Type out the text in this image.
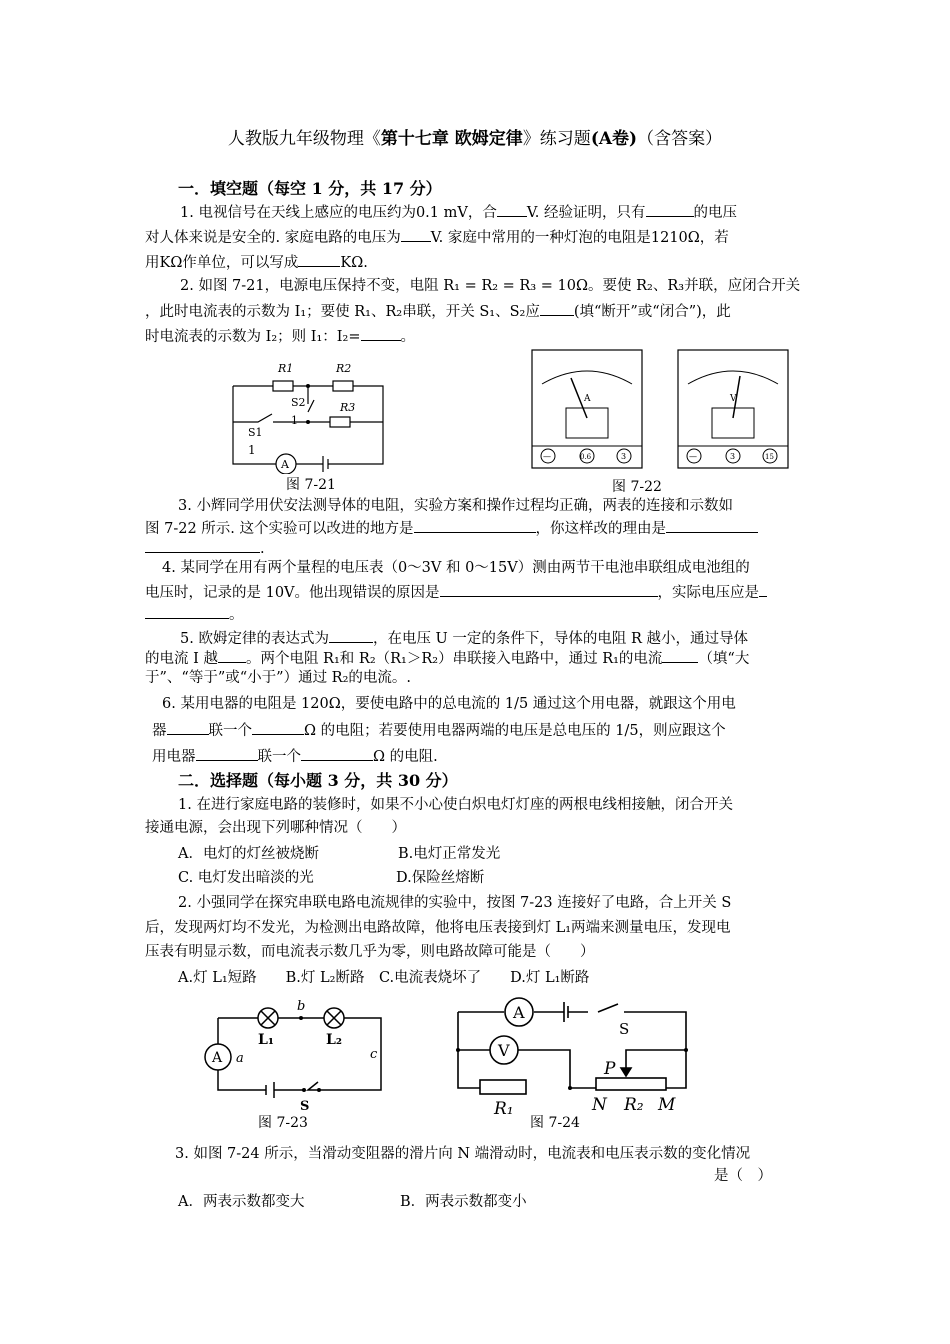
人教版九年级物理《第十七章 欧姆定律》练习题(A卷)（含答案）
一．填空题（每空 1 分，共 17 分）
1. 电视信号在天线上感应的电压约为0.1 mV，合 V. 经验证明，只有	的电压
对人体来说是安全的. 家庭电路的电压为 V. 家庭中常用的一种灯泡的电阻是1210Ω，若
用KΩ作单位，可以写成	KΩ.
2. 如图 7-21，电源电压保持不变，电阻 R₁ = R₂ = R₃ = 10Ω。要使 R₂、R₃并联，应闭合开关
，此时电流表的示数为 I₁；要使 R₁、R₂串联，开关 S₁、S₂应 (填“断开”或“闭合”)，此
时电流表的示数为 I₂；则 I₁：I₂=	。
R1	R2
R3
S2
1
S1
1
A
图 7-21
A	V
—	0.6	3	—	3	15
图 7-22
3. 小辉同学用伏安法测导体的电阻，实验方案和操作过程均正确，两表的连接和示数如
图 7-22 所示. 这个实验可以改进的地方是	，你这样改的理由是
.
4. 某同学在用有两个量程的电压表（0～3V 和 0～15V）测由两节干电池串联组成电池组的
电压时，记录的是 10V。他出现错误的原因是	，实际电压应是
。
5. 欧姆定律的表达式为	，在电压 U 一定的条件下，导体的电阻 R 越小，通过导体
的电流 I 越 。两个电阻 R₁和 R₂（R₁＞R₂）串联接入电路中，通过 R₁的电流 （填“大
于”、“等于”或“小于”）通过 R₂的电流。.
6. 某用电器的电阻是 120Ω，要使电路中的总电流的 1/5 通过这个用电器，就跟这个用电
器	联一个	Ω 的电阻；若要使用电器两端的电压是总电压的 1/5，则应跟这个
用电器	联一个	Ω 的电阻.
二．选择题（每小题 3 分，共 30 分）
1. 在进行家庭电路的装修时，如果不小心使白炽电灯灯座的两根电线相接触，闭合开关
接通电源，会出现下列哪种情况（　　）
A．电灯的灯丝被烧断	B.电灯正常发光
C. 电灯发出暗淡的光	D.保险丝熔断
2. 小强同学在探究串联电路电流规律的实验中，按图 7-23 连接好了电路，合上开关 S
后，发现两灯均不发光，为检测出电路故障，他将电压表接到灯 L₁两端来测量电压，发现电
压表有明显示数，而电流表示数几乎为零，则电路故障可能是（　　）
A.灯 L₁短路　　B.灯 L₂断路　C.电流表烧坏了　　D.灯 L₁断路
A a
b
c
L₁	L₂
S
图 7-23
A
V
S
P
R₁	N R₂ M
图 7-24
3. 如图 7-24 所示，当滑动变阻器的滑片向 N 端滑动时，电流表和电压表示数的变化情况
是（　）
A．两表示数都变大	B．两表示数都变小
